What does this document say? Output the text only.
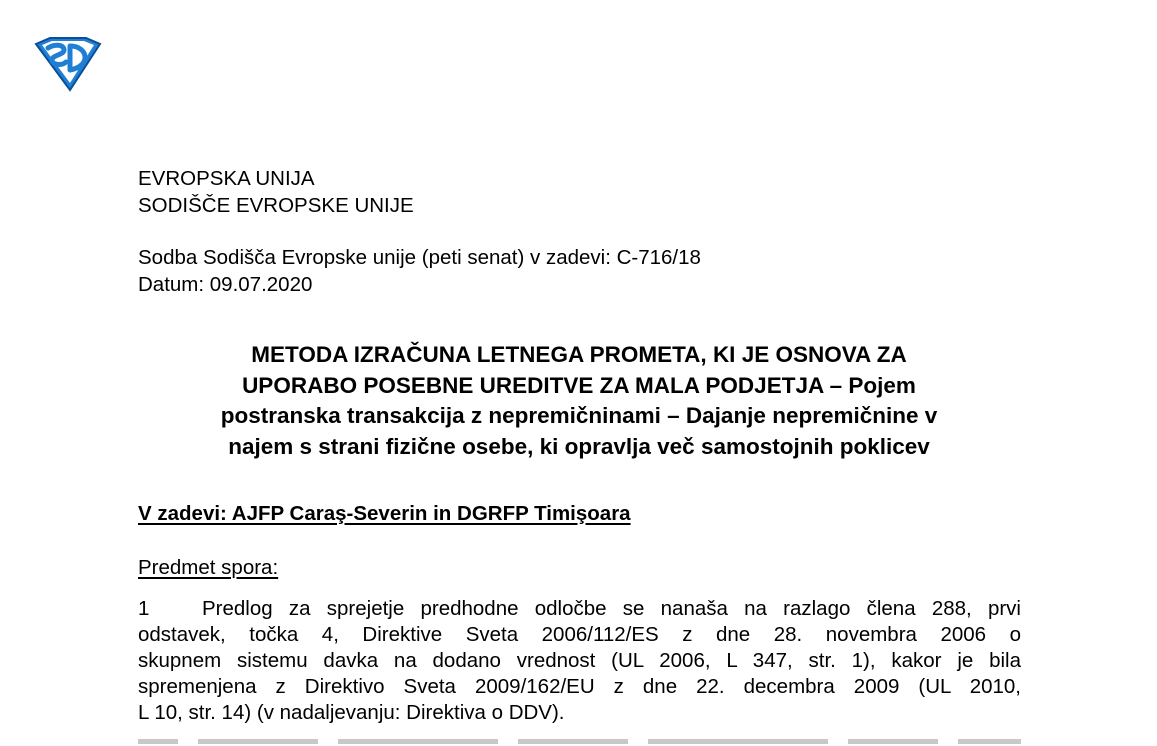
EVROPSKA UNIJA
SODIŠČE EVROPSKE UNIJE
Sodba Sodišča Evropske unije (peti senat) v zadevi: C-716/18
Datum: 09.07.2020
METODA IZRAČUNA LETNEGA PROMETA, KI JE OSNOVA ZA
UPORABO POSEBNE UREDITVE ZA MALA PODJETJA – Pojem
postranska transakcija z nepremičninami – Dajanje nepremičnine v
najem s strani fizične osebe, ki opravlja več samostojnih poklicev
V zadevi: AJFP Caraş-Severin in DGRFP Timişoara
Predmet spora:
1	Predlog za sprejetje predhodne odločbe se nanaša na razlago člena 288, prvi
odstavek, točka 4, Direktive Sveta 2006/112/ES z dne 28. novembra 2006 o
skupnem sistemu davka na dodano vrednost (UL 2006, L 347, str. 1), kakor je bila
spremenjena z Direktivo Sveta 2009/162/EU z dne 22. decembra 2009 (UL 2010,
L 10, str. 14) (v nadaljevanju: Direktiva o DDV).
